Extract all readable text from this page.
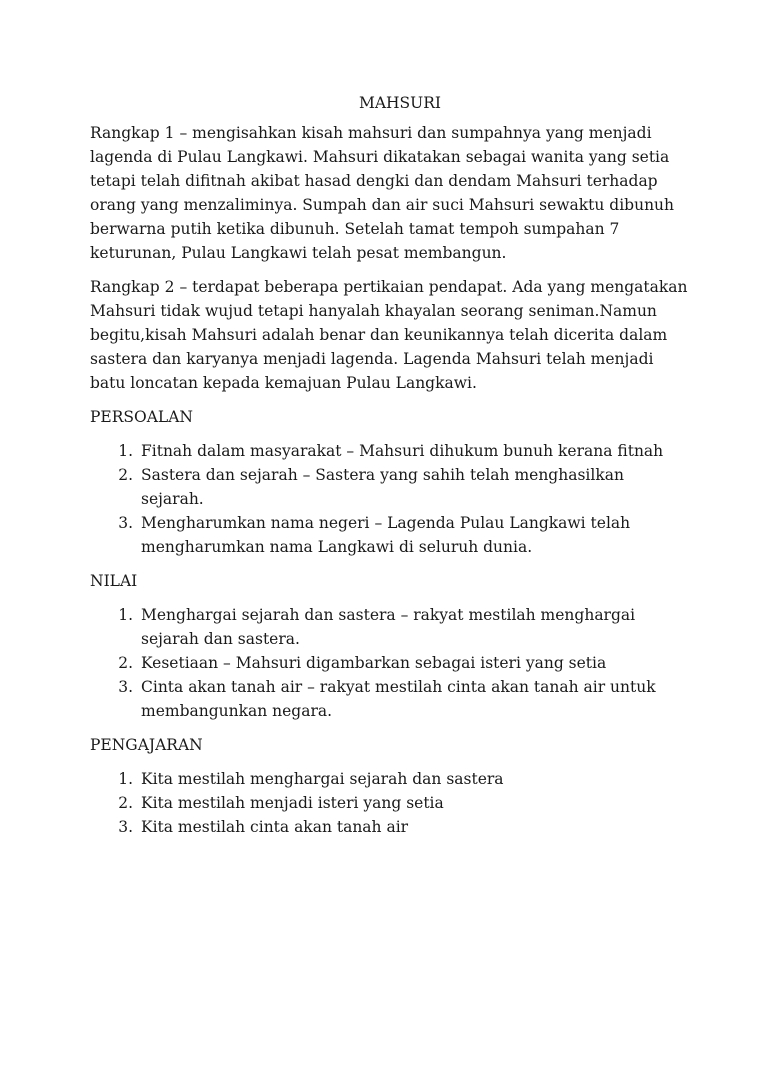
MAHSURI

Rangkap 1 – mengisahkan kisah mahsuri dan sumpahnya yang menjadi lagenda di Pulau Langkawi. Mahsuri dikatakan sebagai wanita yang setia tetapi telah difitnah akibat hasad dengki dan dendam Mahsuri terhadap orang yang menzaliminya. Sumpah dan air suci Mahsuri sewaktu dibunuh berwarna putih ketika dibunuh. Setelah tamat tempoh sumpahan 7 keturunan, Pulau Langkawi telah pesat membangun.

Rangkap 2 – terdapat beberapa pertikaian pendapat. Ada yang mengatakan Mahsuri tidak wujud tetapi hanyalah khayalan seorang seniman.Namun begitu,kisah Mahsuri adalah benar dan keunikannya telah dicerita dalam sastera dan karyanya menjadi lagenda. Lagenda Mahsuri telah menjadi batu loncatan kepada kemajuan Pulau Langkawi.

PERSOALAN
1. Fitnah dalam masyarakat – Mahsuri dihukum bunuh kerana fitnah
2. Sastera dan sejarah – Sastera yang sahih telah menghasilkan sejarah.
3. Mengharumkan nama negeri – Lagenda Pulau Langkawi telah mengharumkan nama Langkawi di seluruh dunia.
NILAI
1. Menghargai sejarah dan sastera – rakyat mestilah menghargai sejarah dan sastera.
2. Kesetiaan – Mahsuri digambarkan sebagai isteri yang setia
3. Cinta akan tanah air – rakyat mestilah cinta akan tanah air untuk membangunkan negara.
PENGAJARAN
1. Kita mestilah menghargai sejarah dan sastera
2. Kita mestilah menjadi isteri yang setia
3. Kita mestilah cinta akan tanah air
